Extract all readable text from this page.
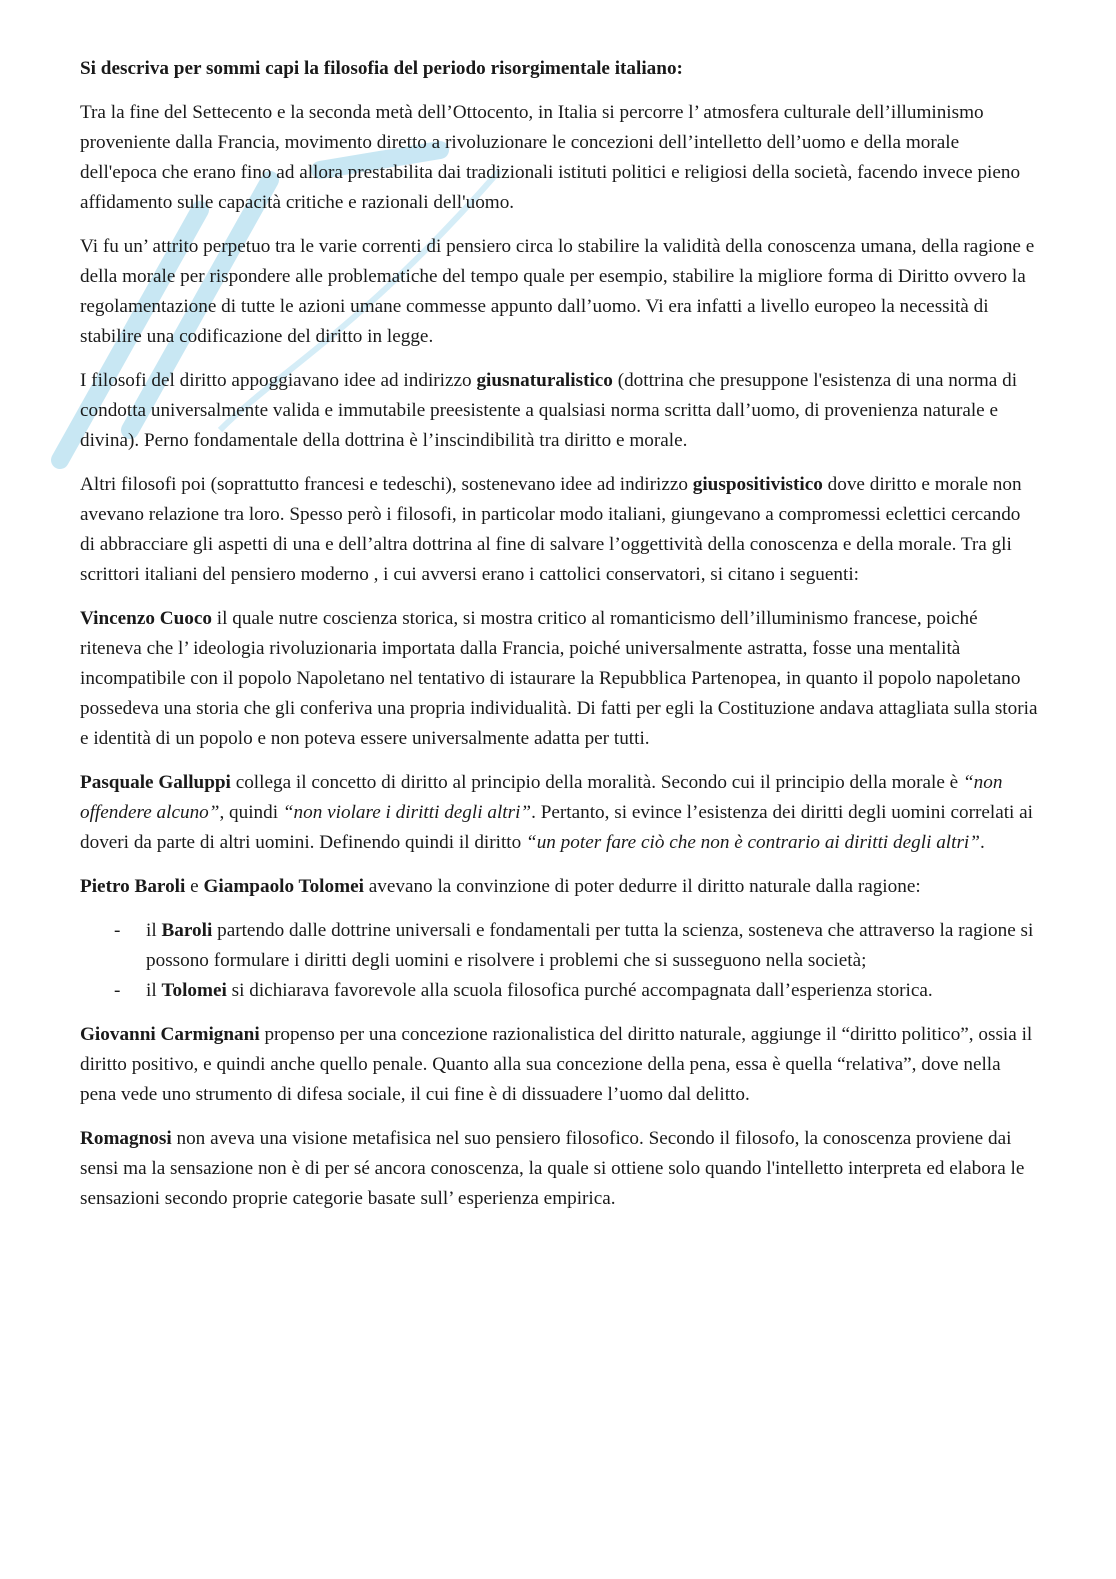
Si descriva per sommi capi la filosofia del periodo risorgimentale italiano:

Tra la fine del Settecento e la seconda metà dell’Ottocento, in Italia si percorre l’ atmosfera culturale dell’illuminismo proveniente dalla Francia, movimento diretto a rivoluzionare le concezioni dell’intelletto dell’uomo e della morale dell'epoca che erano fino ad allora prestabilita dai tradizionali istituti politici e religiosi della società, facendo invece pieno affidamento sulle capacità critiche e razionali dell'uomo.

Vi fu un’ attrito perpetuo tra le varie correnti di pensiero circa lo stabilire la validità della conoscenza umana, della ragione e della morale per rispondere alle problematiche del tempo quale per esempio, stabilire la migliore forma di Diritto ovvero la regolamentazione di tutte le azioni umane commesse appunto dall’uomo. Vi era infatti a livello europeo la necessità di stabilire una codificazione del diritto in legge.

I filosofi del diritto appoggiavano idee ad indirizzo giusnaturalistico (dottrina che presuppone l'esistenza di una norma di condotta universalmente valida e immutabile preesistente a qualsiasi norma scritta dall’uomo, di provenienza naturale e divina). Perno fondamentale della dottrina è l’inscindibilità tra diritto e morale.

Altri filosofi poi (soprattutto francesi e tedeschi), sostenevano idee ad indirizzo giuspositivistico dove diritto e morale non avevano relazione tra loro. Spesso però i filosofi, in particolar modo italiani, giungevano a compromessi eclettici cercando di abbracciare gli aspetti di una e dell’altra dottrina al fine di salvare l’oggettività della conoscenza e della morale. Tra gli scrittori italiani del pensiero moderno , i cui avversi erano i cattolici conservatori, si citano i seguenti:

Vincenzo Cuoco il quale nutre coscienza storica, si mostra critico al romanticismo dell’illuminismo francese, poiché riteneva che l’ ideologia rivoluzionaria importata dalla Francia, poiché universalmente astratta, fosse una mentalità incompatibile con il popolo Napoletano nel tentativo di istaurare la Repubblica Partenopea, in quanto il popolo napoletano possedeva una storia che gli conferiva una propria individualità. Di fatti per egli la Costituzione andava attagliata sulla storia e identità di un popolo e non poteva essere universalmente adatta per tutti.

Pasquale Galluppi collega il concetto di diritto al principio della moralità. Secondo cui il principio della morale è “non offendere alcuno”, quindi “non violare i diritti degli altri”. Pertanto, si evince l’esistenza dei diritti degli uomini correlati ai doveri da parte di altri uomini. Definendo quindi il diritto “un poter fare ciò che non è contrario ai diritti degli altri”.

Pietro Baroli e Giampaolo Tolomei avevano la convinzione di poter dedurre il diritto naturale dalla ragione:

- il Baroli partendo dalle dottrine universali e fondamentali per tutta la scienza, sosteneva che attraverso la ragione si possono formulare i diritti degli uomini e risolvere i problemi che si susseguono nella società;
- il Tolomei si dichiarava favorevole alla scuola filosofica purché accompagnata dall’esperienza storica.

Giovanni Carmignani propenso per una concezione razionalistica del diritto naturale, aggiunge il “diritto politico”, ossia il diritto positivo, e quindi anche quello penale. Quanto alla sua concezione della pena, essa è quella “relativa”, dove nella pena vede uno strumento di difesa sociale, il cui fine è di dissuadere l’uomo dal delitto.

Romagnosi non aveva una visione metafisica nel suo pensiero filosofico. Secondo il filosofo, la conoscenza proviene dai sensi ma la sensazione non è di per sé ancora conoscenza, la quale si ottiene solo quando l'intelletto interpreta ed elabora le sensazioni secondo proprie categorie basate sull’ esperienza empirica.
